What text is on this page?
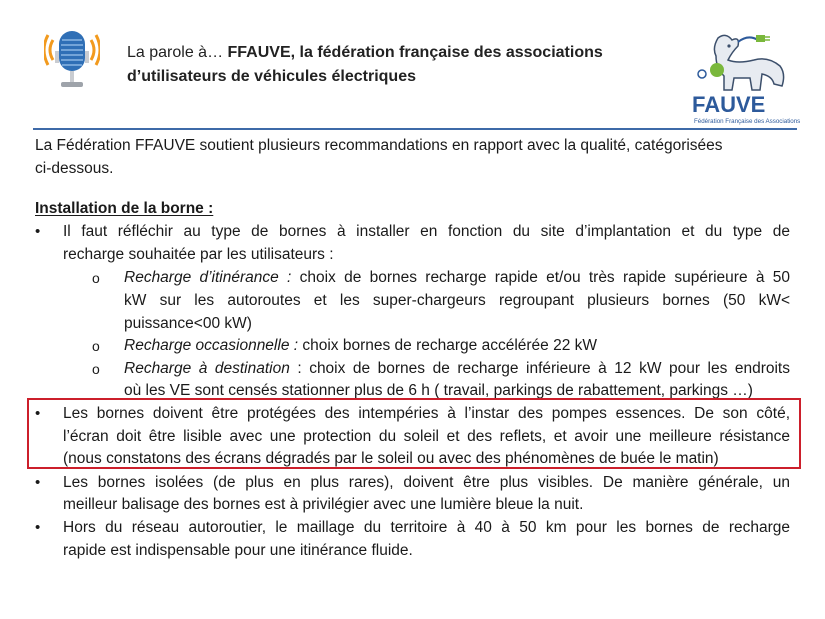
La parole à… FFAUVE, la fédération française des associations
d’utilisateurs de véhicules électriques
FAUVE
Fédération Française des Associations
La Fédération FFAUVE soutient plusieurs recommandations en rapport avec la qualité, catégorisées
ci-dessous.
Installation de la borne :
• Il faut réfléchir au type de bornes à installer en fonction du site d’implantation et du type de
recharge souhaitée par les utilisateurs :
o Recharge d’itinérance : choix de bornes recharge rapide et/ou très rapide supérieure à 50
kW sur les autoroutes et les super-chargeurs regroupant plusieurs bornes (50 kW<
puissance<00 kW)
o Recharge occasionnelle : choix bornes de recharge accélérée 22 kW
o Recharge à destination : choix de bornes de recharge inférieure à 12 kW pour les endroits
où les VE sont censés stationner plus de 6 h ( travail, parkings de rabattement, parkings …)
• Les bornes doivent être protégées des intempéries à l’instar des pompes essences. De son côté,
l’écran doit être lisible avec une protection du soleil et des reflets, et avoir une meilleure résistance
(nous constatons des écrans dégradés par le soleil ou avec des phénomènes de buée le matin)
• Les bornes isolées (de plus en plus rares), doivent être plus visibles. De manière générale, un
meilleur balisage des bornes est à privilégier avec une lumière bleue la nuit.
• Hors du réseau autoroutier, le maillage du territoire à 40 à 50 km pour les bornes de recharge
rapide est indispensable pour une itinérance fluide.
